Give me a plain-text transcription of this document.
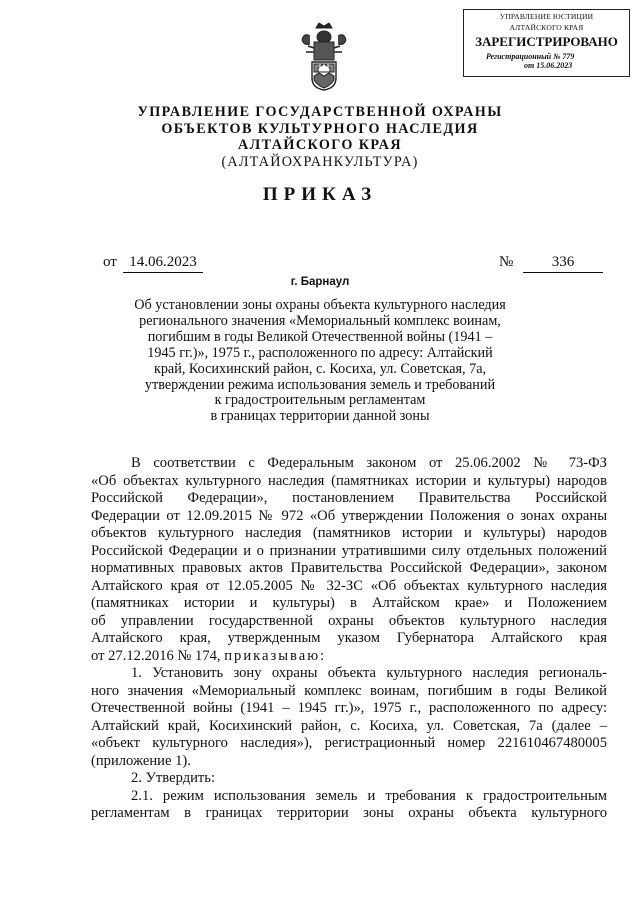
УПРАВЛЕНИЕ ЮСТИЦИИ
АЛТАЙСКОГО КРАЯ
ЗАРЕГИСТРИРОВАНО
Регистрационный № 779
от 15.06.2023
УПРАВЛЕНИЕ ГОСУДАРСТВЕННОЙ ОХРАНЫ
ОБЪЕКТОВ КУЛЬТУРНОГО НАСЛЕДИЯ
АЛТАЙСКОГО КРАЯ
(АЛТАЙОХРАНКУЛЬТУРА)
ПРИКАЗ
от 14.06.2023	№	336
г. Барнаул
Об установлении зоны охраны объекта культурного наследия
регионального значения «Мемориальный комплекс воинам,
погибшим в годы Великой Отечественной войны (1941 –
1945 гг.)», 1975 г., расположенного по адресу: Алтайский
край, Косихинский район, с. Косиха, ул. Советская, 7а,
утверждении режима использования земель и требований
к градостроительным регламентам
в границах территории данной зоны
В соответствии с Федеральным законом от 25.06.2002 № 73-ФЗ
«Об объектах культурного наследия (памятниках истории и культуры) народов
Российской Федерации», постановлением Правительства Российской
Федерации от 12.09.2015 № 972 «Об утверждении Положения о зонах охраны
объектов культурного наследия (памятников истории и культуры) народов
Российской Федерации и о признании утратившими силу отдельных положений
нормативных правовых актов Правительства Российской Федерации», законом
Алтайского края от 12.05.2005 № 32-ЗС «Об объектах культурного наследия
(памятниках истории и культуры) в Алтайском крае» и Положением
об управлении государственной охраны объектов культурного наследия
Алтайского края, утвержденным указом Губернатора Алтайского края
от 27.12.2016 № 174, приказываю:
1. Установить зону охраны объекта культурного наследия региональ-
ного значения «Мемориальный комплекс воинам, погибшим в годы Великой
Отечественной войны (1941 – 1945 гг.)», 1975 г., расположенного по адресу:
Алтайский край, Косихинский район, с. Косиха, ул. Советская, 7а (далее –
«объект культурного наследия»), регистрационный номер 221610467480005
(приложение 1).
2. Утвердить:
2.1. режим использования земель и требования к градостроительным
регламентам в границах территории зоны охраны объекта культурного
